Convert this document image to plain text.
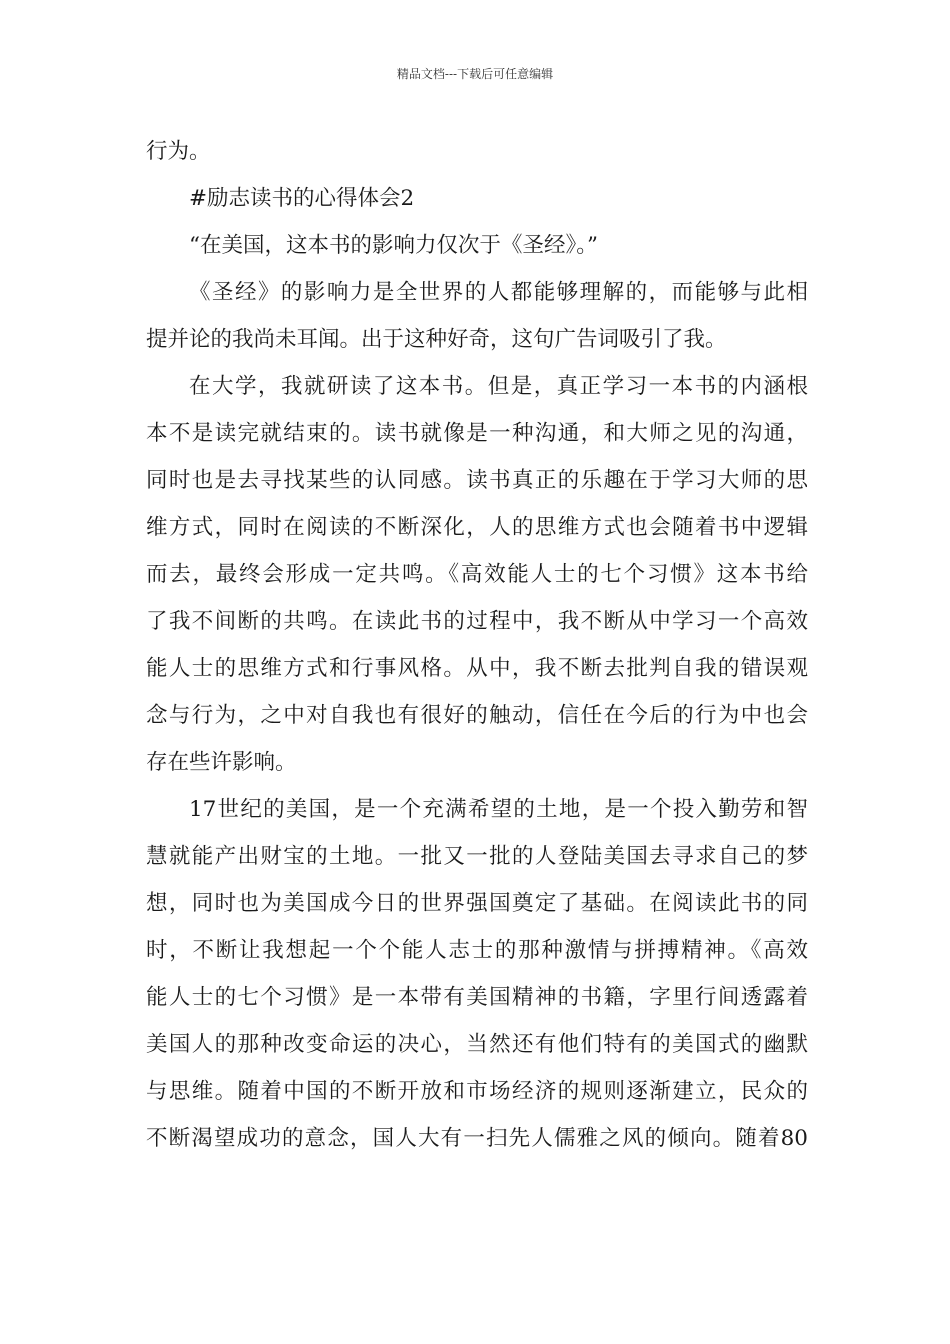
精品文档---下载后可任意编辑
行为。
#励志读书的心得体会2
“在美国，这本书的影响力仅次于《圣经》。”
《圣经》的影响力是全世界的人都能够理解的，而能够与此相
提并论的我尚未耳闻。出于这种好奇，这句广告词吸引了我。
在大学，我就研读了这本书。但是，真正学习一本书的内涵根
本不是读完就结束的。读书就像是一种沟通，和大师之见的沟通，
同时也是去寻找某些的认同感。读书真正的乐趣在于学习大师的思
维方式，同时在阅读的不断深化，人的思维方式也会随着书中逻辑
而去，最终会形成一定共鸣。《高效能人士的七个习惯》这本书给
了我不间断的共鸣。在读此书的过程中，我不断从中学习一个高效
能人士的思维方式和行事风格。从中，我不断去批判自我的错误观
念与行为，之中对自我也有很好的触动，信任在今后的行为中也会
存在些许影响。
17世纪的美国，是一个充满希望的土地，是一个投入勤劳和智
慧就能产出财宝的土地。一批又一批的人登陆美国去寻求自己的梦
想，同时也为美国成今日的世界强国奠定了基础。在阅读此书的同
时，不断让我想起一个个能人志士的那种激情与拼搏精神。《高效
能人士的七个习惯》是一本带有美国精神的书籍，字里行间透露着
美国人的那种改变命运的决心，当然还有他们特有的美国式的幽默
与思维。随着中国的不断开放和市场经济的规则逐渐建立，民众的
不断渴望成功的意念，国人大有一扫先人儒雅之风的倾向。随着80
